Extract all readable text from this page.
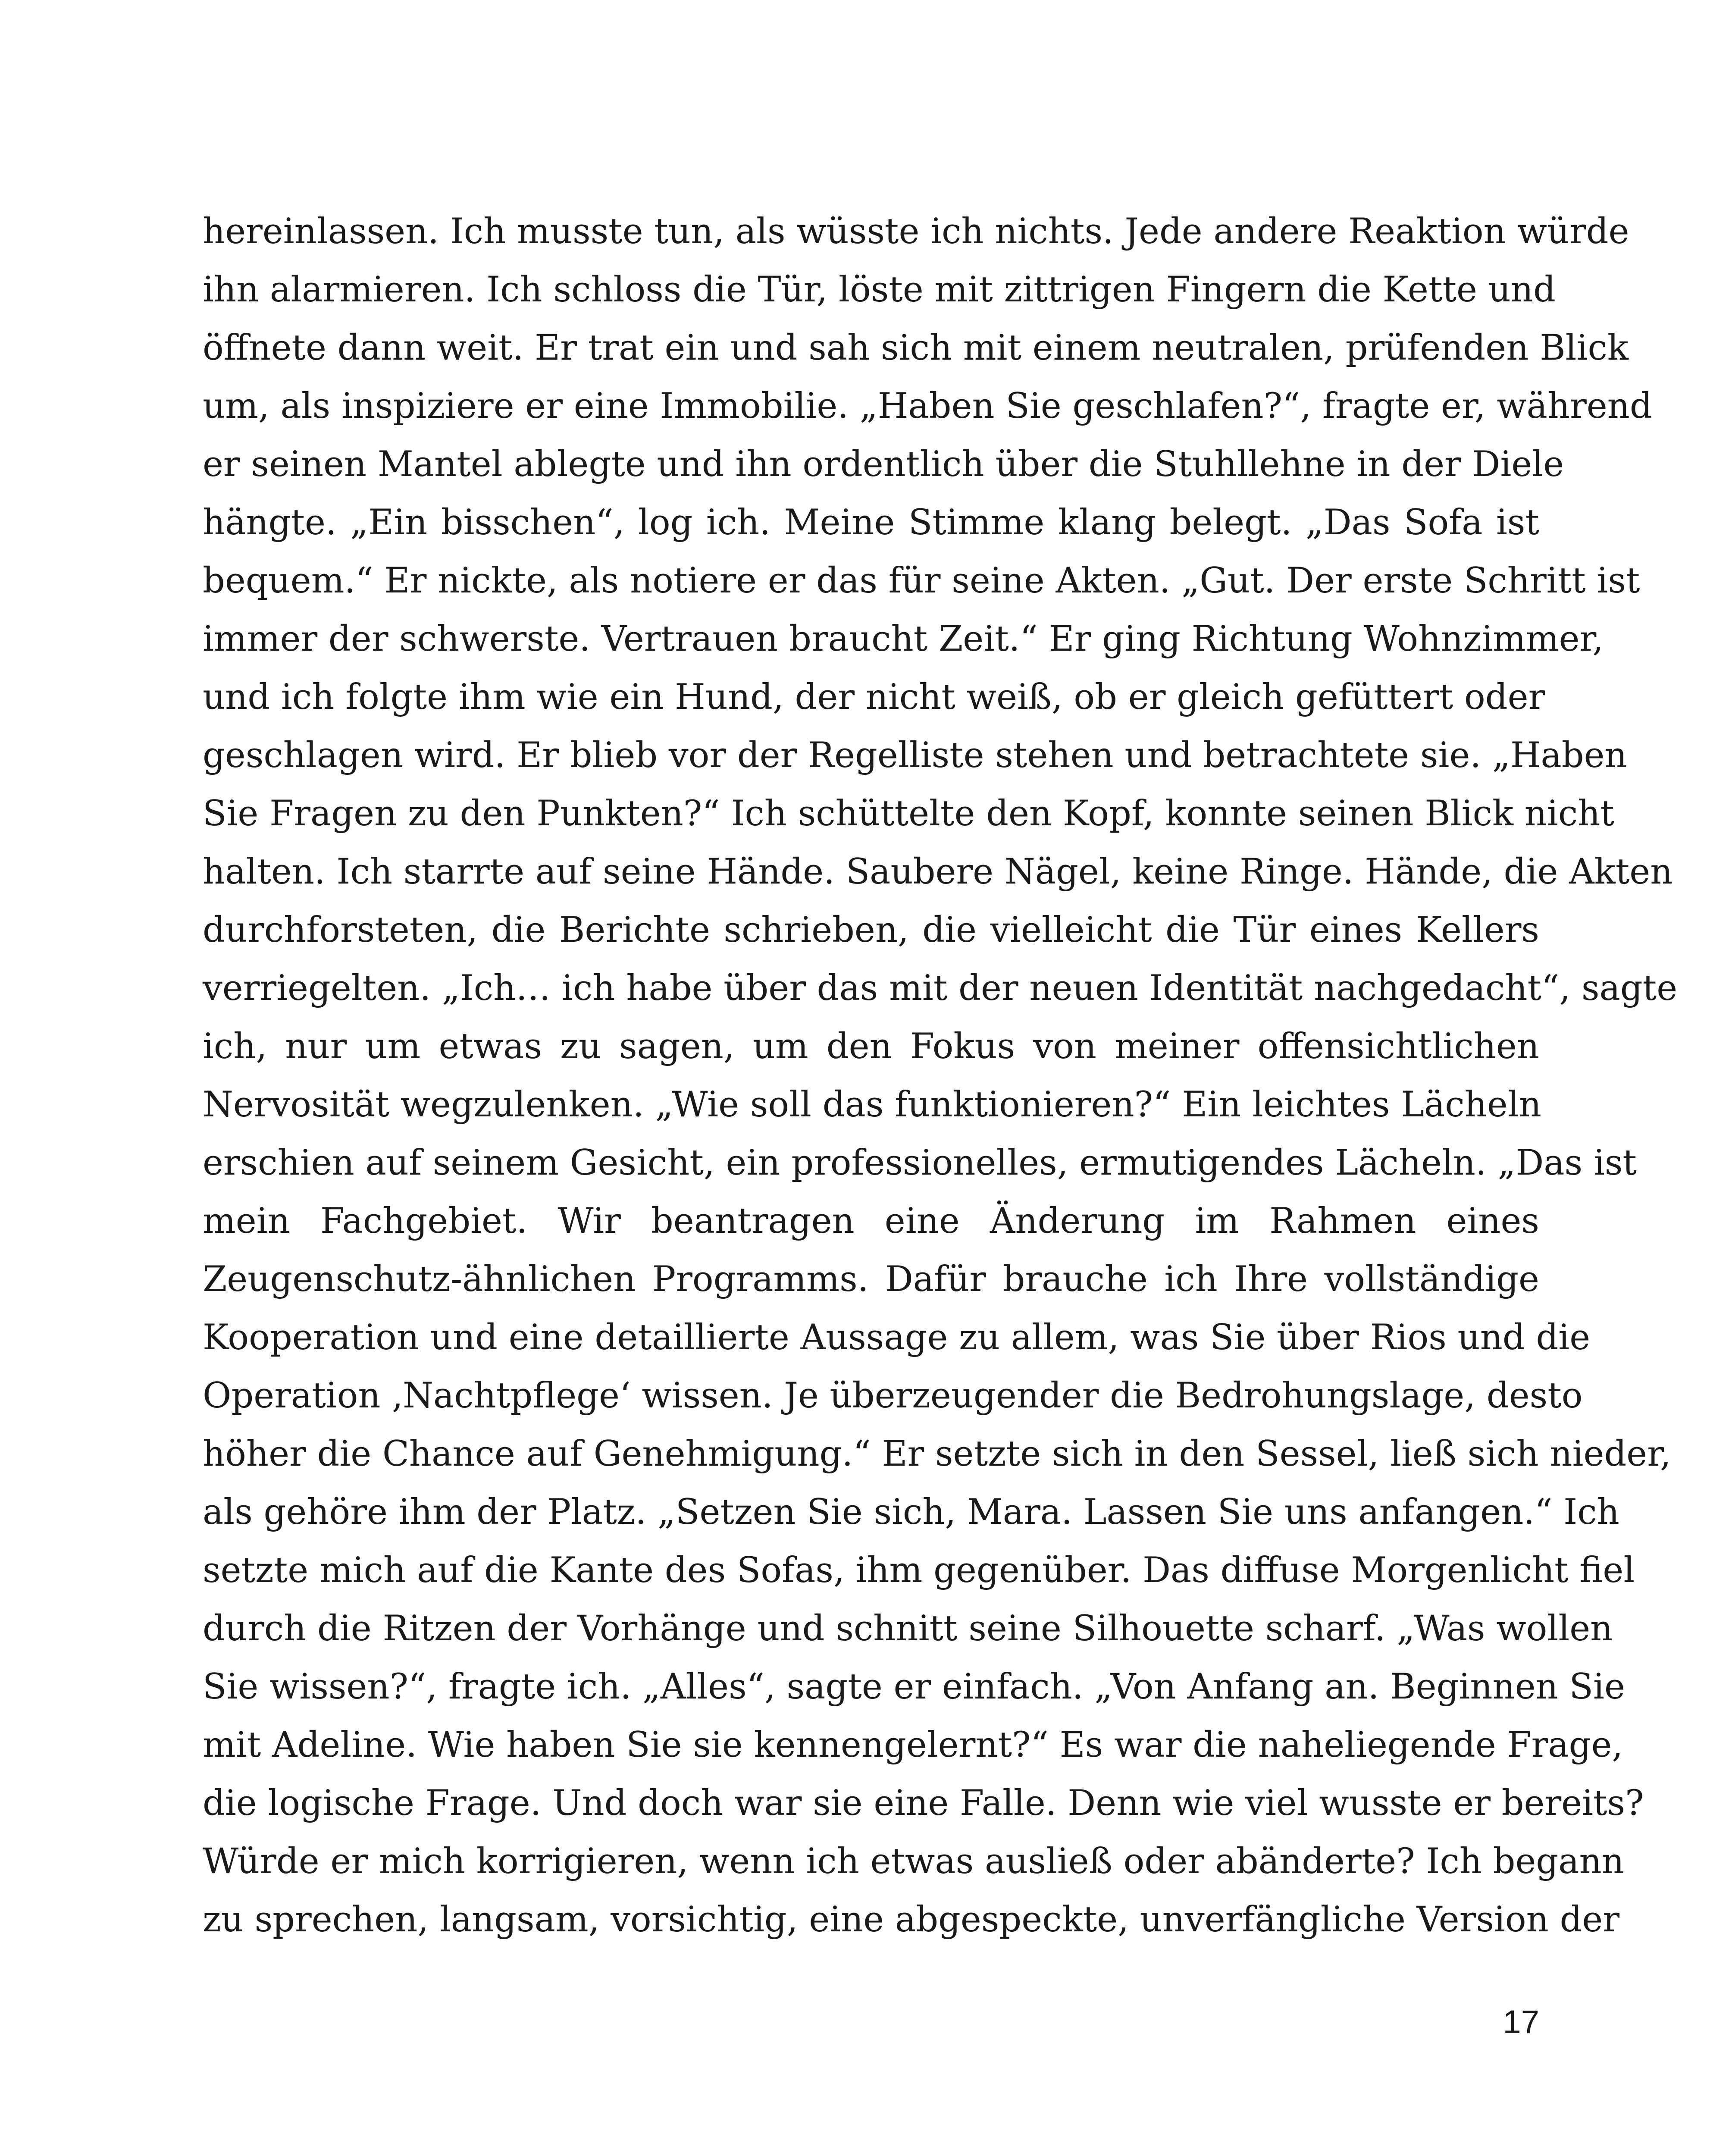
hereinlassen. Ich musste tun, als wüsste ich nichts. Jede andere Reaktion würde
ihn alarmieren. Ich schloss die Tür, löste mit zittrigen Fingern die Kette und
öffnete dann weit. Er trat ein und sah sich mit einem neutralen, prüfenden Blick
um, als inspiziere er eine Immobilie. „Haben Sie geschlafen?“, fragte er, während
er seinen Mantel ablegte und ihn ordentlich über die Stuhllehne in der Diele
hängte. „Ein bisschen“, log ich. Meine Stimme klang belegt. „Das Sofa ist
bequem.“ Er nickte, als notiere er das für seine Akten. „Gut. Der erste Schritt ist
immer der schwerste. Vertrauen braucht Zeit.“ Er ging Richtung Wohnzimmer,
und ich folgte ihm wie ein Hund, der nicht weiß, ob er gleich gefüttert oder
geschlagen wird. Er blieb vor der Regelliste stehen und betrachtete sie. „Haben
Sie Fragen zu den Punkten?“ Ich schüttelte den Kopf, konnte seinen Blick nicht
halten. Ich starrte auf seine Hände. Saubere Nägel, keine Ringe. Hände, die Akten
durchforsteten, die Berichte schrieben, die vielleicht die Tür eines Kellers
verriegelten. „Ich… ich habe über das mit der neuen Identität nachgedacht“, sagte
ich, nur um etwas zu sagen, um den Fokus von meiner offensichtlichen
Nervosität wegzulenken. „Wie soll das funktionieren?“ Ein leichtes Lächeln
erschien auf seinem Gesicht, ein professionelles, ermutigendes Lächeln. „Das ist
mein Fachgebiet. Wir beantragen eine Änderung im Rahmen eines
Zeugenschutz-ähnlichen Programms. Dafür brauche ich Ihre vollständige
Kooperation und eine detaillierte Aussage zu allem, was Sie über Rios und die
Operation ‚Nachtpflege‘ wissen. Je überzeugender die Bedrohungslage, desto
höher die Chance auf Genehmigung.“ Er setzte sich in den Sessel, ließ sich nieder,
als gehöre ihm der Platz. „Setzen Sie sich, Mara. Lassen Sie uns anfangen.“ Ich
setzte mich auf die Kante des Sofas, ihm gegenüber. Das diffuse Morgenlicht fiel
durch die Ritzen der Vorhänge und schnitt seine Silhouette scharf. „Was wollen
Sie wissen?“, fragte ich. „Alles“, sagte er einfach. „Von Anfang an. Beginnen Sie
mit Adeline. Wie haben Sie sie kennengelernt?“ Es war die naheliegende Frage,
die logische Frage. Und doch war sie eine Falle. Denn wie viel wusste er bereits?
Würde er mich korrigieren, wenn ich etwas ausließ oder abänderte? Ich begann
zu sprechen, langsam, vorsichtig, eine abgespeckte, unverfängliche Version der
17
